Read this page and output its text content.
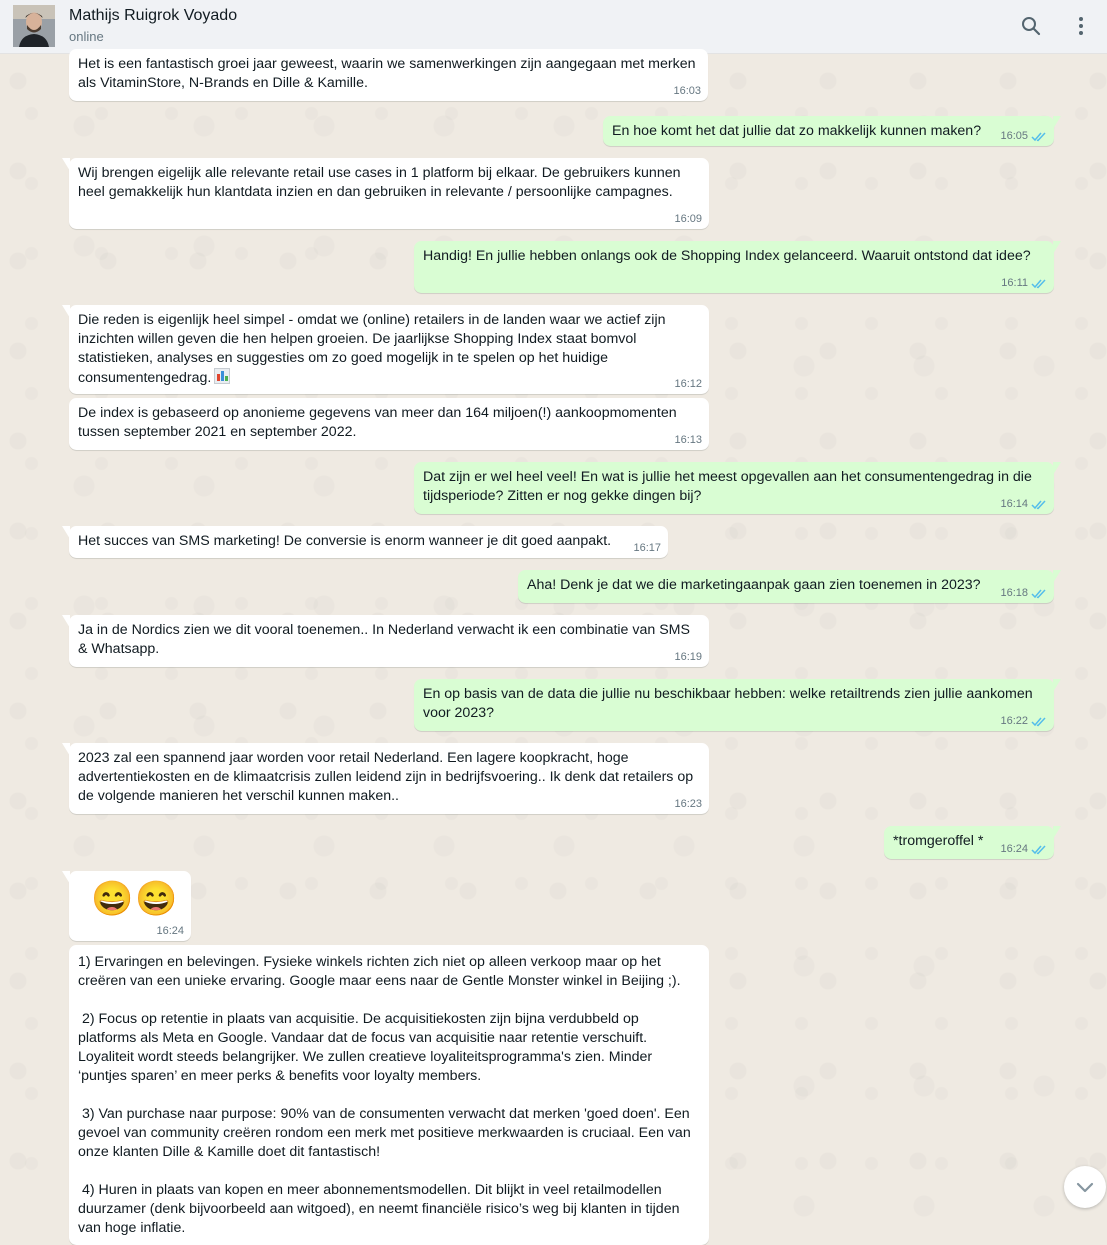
Mathijs Ruigrok Voyado
online
Het is een fantastisch groei jaar geweest, waarin we samenwerkingen zijn aangegaan met merken als VitaminStore, N-Brands en Dille & Kamille.	16:03
En hoe komt het dat jullie dat zo makkelijk kunnen maken?	16:05
Wij brengen eigelijk alle relevante retail use cases in 1 platform bij elkaar. De gebruikers kunnen heel gemakkelijk hun klantdata inzien en dan gebruiken in relevante / persoonlijke campagnes.
16:09
Handig! En jullie hebben onlangs ook de Shopping Index gelanceerd. Waaruit ontstond dat idee?
16:11
Die reden is eigenlijk heel simpel - omdat we (online) retailers in de landen waar we actief zijn inzichten willen geven die hen helpen groeien. De jaarlijkse Shopping Index staat bomvol statistieken, analyses en suggesties om zo goed mogelijk in te spelen op het huidige consumentengedrag.	16:12
De index is gebaseerd op anonieme gegevens van meer dan 164 miljoen(!) aankoopmomenten tussen september 2021 en september 2022.	16:13
Dat zijn er wel heel veel! En wat is jullie het meest opgevallen aan het consumentengedrag in die tijdsperiode? Zitten er nog gekke dingen bij?	16:14
Het succes van SMS marketing! De conversie is enorm wanneer je dit goed aanpakt.	16:17
Aha! Denk je dat we die marketingaanpak gaan zien toenemen in 2023?	16:18
Ja in de Nordics zien we dit vooral toenemen.. In Nederland verwacht ik een combinatie van SMS & Whatsapp.	16:19
En op basis van de data die jullie nu beschikbaar hebben: welke retailtrends zien jullie aankomen voor 2023?	16:22
2023 zal een spannend jaar worden voor retail Nederland. Een lagere koopkracht, hoge advertentiekosten en de klimaatcrisis zullen leidend zijn in bedrijfsvoering.. Ik denk dat retailers op de volgende manieren het verschil kunnen maken..	16:23
*tromgeroffel * 16:24
😄😄
16:24
1) Ervaringen en belevingen. Fysieke winkels richten zich niet op alleen verkoop maar op het creëren van een unieke ervaring. Google maar eens naar de Gentle Monster winkel in Beijing ;).

2) Focus op retentie in plaats van acquisitie. De acquisitiekosten zijn bijna verdubbeld op platforms als Meta en Google. Vandaar dat de focus van acquisitie naar retentie verschuift. Loyaliteit wordt steeds belangrijker. We zullen creatieve loyaliteitsprogramma's zien. Minder ‘puntjes sparen’ en meer perks & benefits voor loyalty members.

3) Van purchase naar purpose: 90% van de consumenten verwacht dat merken 'goed doen'. Een gevoel van community creëren rondom een merk met positieve merkwaarden is cruciaal. Een van onze klanten Dille & Kamille doet dit fantastisch!

4) Huren in plaats van kopen en meer abonnementsmodellen. Dit blijkt in veel retailmodellen duurzamer (denk bijvoorbeeld aan witgoed), en neemt financiële risico’s weg bij klanten in tijden van hoge inflatie.
